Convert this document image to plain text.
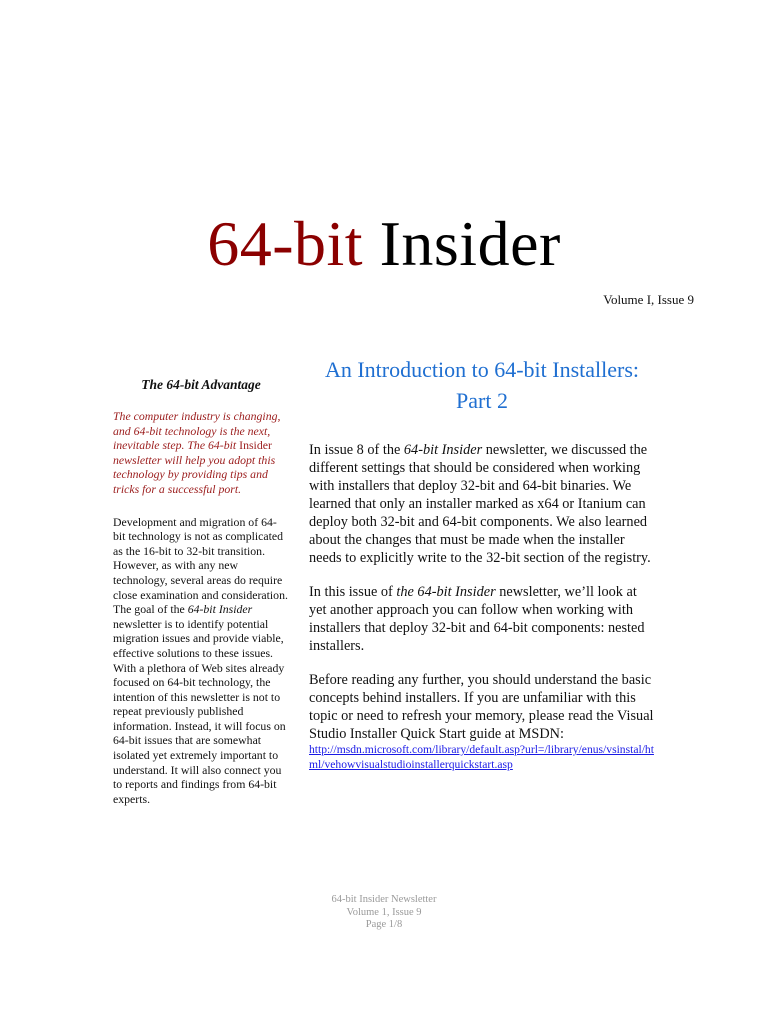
64-bit Insider
Volume I, Issue 9
The 64-bit Advantage

The computer industry is changing, and 64-bit technology is the next, inevitable step. The 64-bit Insider newsletter will help you adopt this technology by providing tips and tricks for a successful port.

Development and migration of 64-bit technology is not as complicated as the 16-bit to 32-bit transition. However, as with any new technology, several areas do require close examination and consideration. The goal of the 64-bit Insider newsletter is to identify potential migration issues and provide viable, effective solutions to these issues. With a plethora of Web sites already focused on 64-bit technology, the intention of this newsletter is not to repeat previously published information. Instead, it will focus on 64-bit issues that are somewhat isolated yet extremely important to understand. It will also connect you to reports and findings from 64-bit experts.

An Introduction to 64-bit Installers: Part 2

In issue 8 of the 64-bit Insider newsletter, we discussed the different settings that should be considered when working with installers that deploy 32-bit and 64-bit binaries. We learned that only an installer marked as x64 or Itanium can deploy both 32-bit and 64-bit components. We also learned about the changes that must be made when the installer needs to explicitly write to the 32-bit section of the registry.

In this issue of the 64-bit Insider newsletter, we’ll look at yet another approach you can follow when working with installers that deploy 32-bit and 64-bit components: nested installers.

Before reading any further, you should understand the basic concepts behind installers. If you are unfamiliar with this topic or need to refresh your memory, please read the Visual Studio Installer Quick Start guide at MSDN:

http://msdn.microsoft.com/library/default.asp?url=/library/enus/vsinstal/html/vehowvisualstudioinstallerquickstart.asp
64-bit Insider Newsletter
Volume 1, Issue 9
Page 1/8
